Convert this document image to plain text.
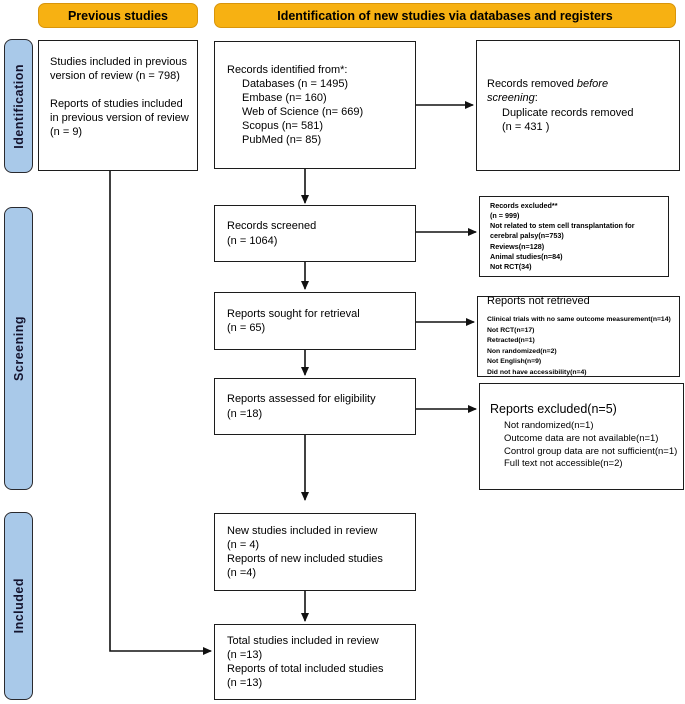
Previous studies	Identification of new studies via databases and registers
Identification
Screening
Included
Studies included in previous version of review (n = 798)
Reports of studies included in previous version of review (n = 9)
Records identified from*:
Databases (n = 1495)
Embase (n= 160)
Web of Science (n= 669)
Scopus (n= 581)
PubMed (n= 85)
Records removed before screening:
Duplicate records removed
(n = 431 )
Records screened
(n = 1064)
Records excluded**
(n = 999)
Not related to stem cell transplantation for cerebral palsy(n=753)
Reviews(n=128)
Animal studies(n=84)
Not RCT(34)
Reports sought for retrieval
(n = 65)
Reports not retrieved
Clinical trials with no same outcome measurement(n=14)
Not RCT(n=17)
Retracted(n=1)
Non randomized(n=2)
Not English(n=9)
Did not have accessibility(n=4)
Reports assessed for eligibility
(n =18)	Reports excluded(n=5)
Not randomized(n=1)
Outcome data are not available(n=1)
Control group data are not sufficient(n=1)
Full text not accessible(n=2)
New studies included in review
(n = 4)
Reports of new included studies
(n =4)
Total studies included in review
(n =13)
Reports of total included studies
(n =13)
